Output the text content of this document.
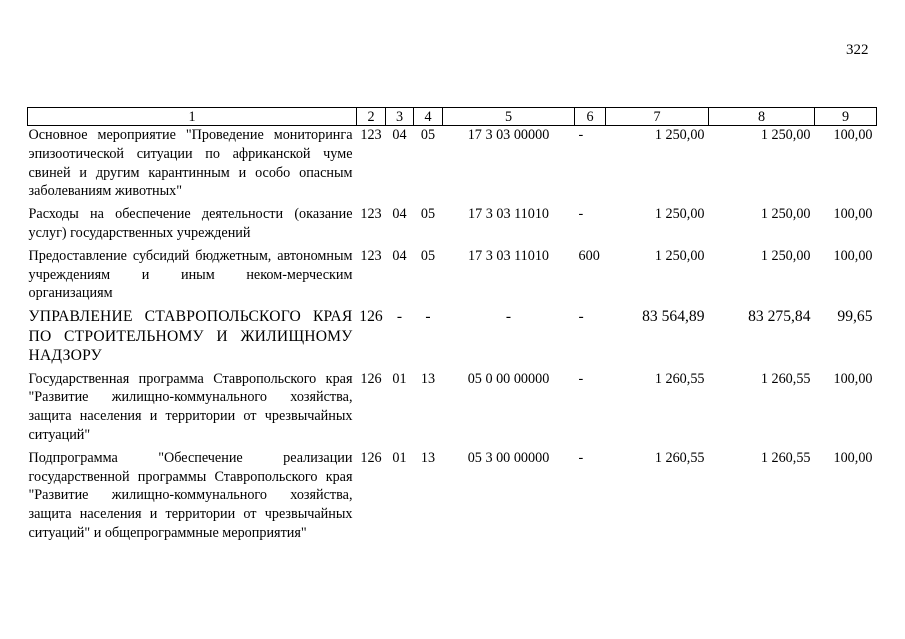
322
1	2	3	4	5	6	7	8	9
Основное мероприятие "Проведение мониторинга эпизоотической ситуации по африканской чуме свиней и другим карантинным и особо опасным заболеваниям животных"	123	04	05	17 3 03 00000	-	1 250,00	1 250,00	100,00
Расходы на обеспечение деятельности (оказание услуг) государственных учреждений	123	04	05	17 3 03 11010	-	1 250,00	1 250,00	100,00
Предоставление субсидий бюджетным, автономным учреждениям и иным неком-мерческим организациям	123	04	05	17 3 03 11010	600	1 250,00	1 250,00	100,00
УПРАВЛЕНИЕ СТАВРОПОЛЬСКОГО КРАЯ ПО СТРОИТЕЛЬНОМУ И ЖИЛИЩНОМУ НАДЗОРУ	126	-	-	-	-	83 564,89	83 275,84	99,65
Государственная программа Ставропольского края "Развитие жилищно-коммунального хозяйства, защита населения и территории от чрезвычайных ситуаций"	126	01	13	05 0 00 00000	-	1 260,55	1 260,55	100,00
Подпрограмма "Обеспечение реализации государственной программы Ставропольского края "Развитие жилищно-коммунального хозяйства, защита населения и территории от чрезвычайных ситуаций" и общепрограммные мероприятия"	126	01	13	05 3 00 00000	-	1 260,55	1 260,55	100,00
